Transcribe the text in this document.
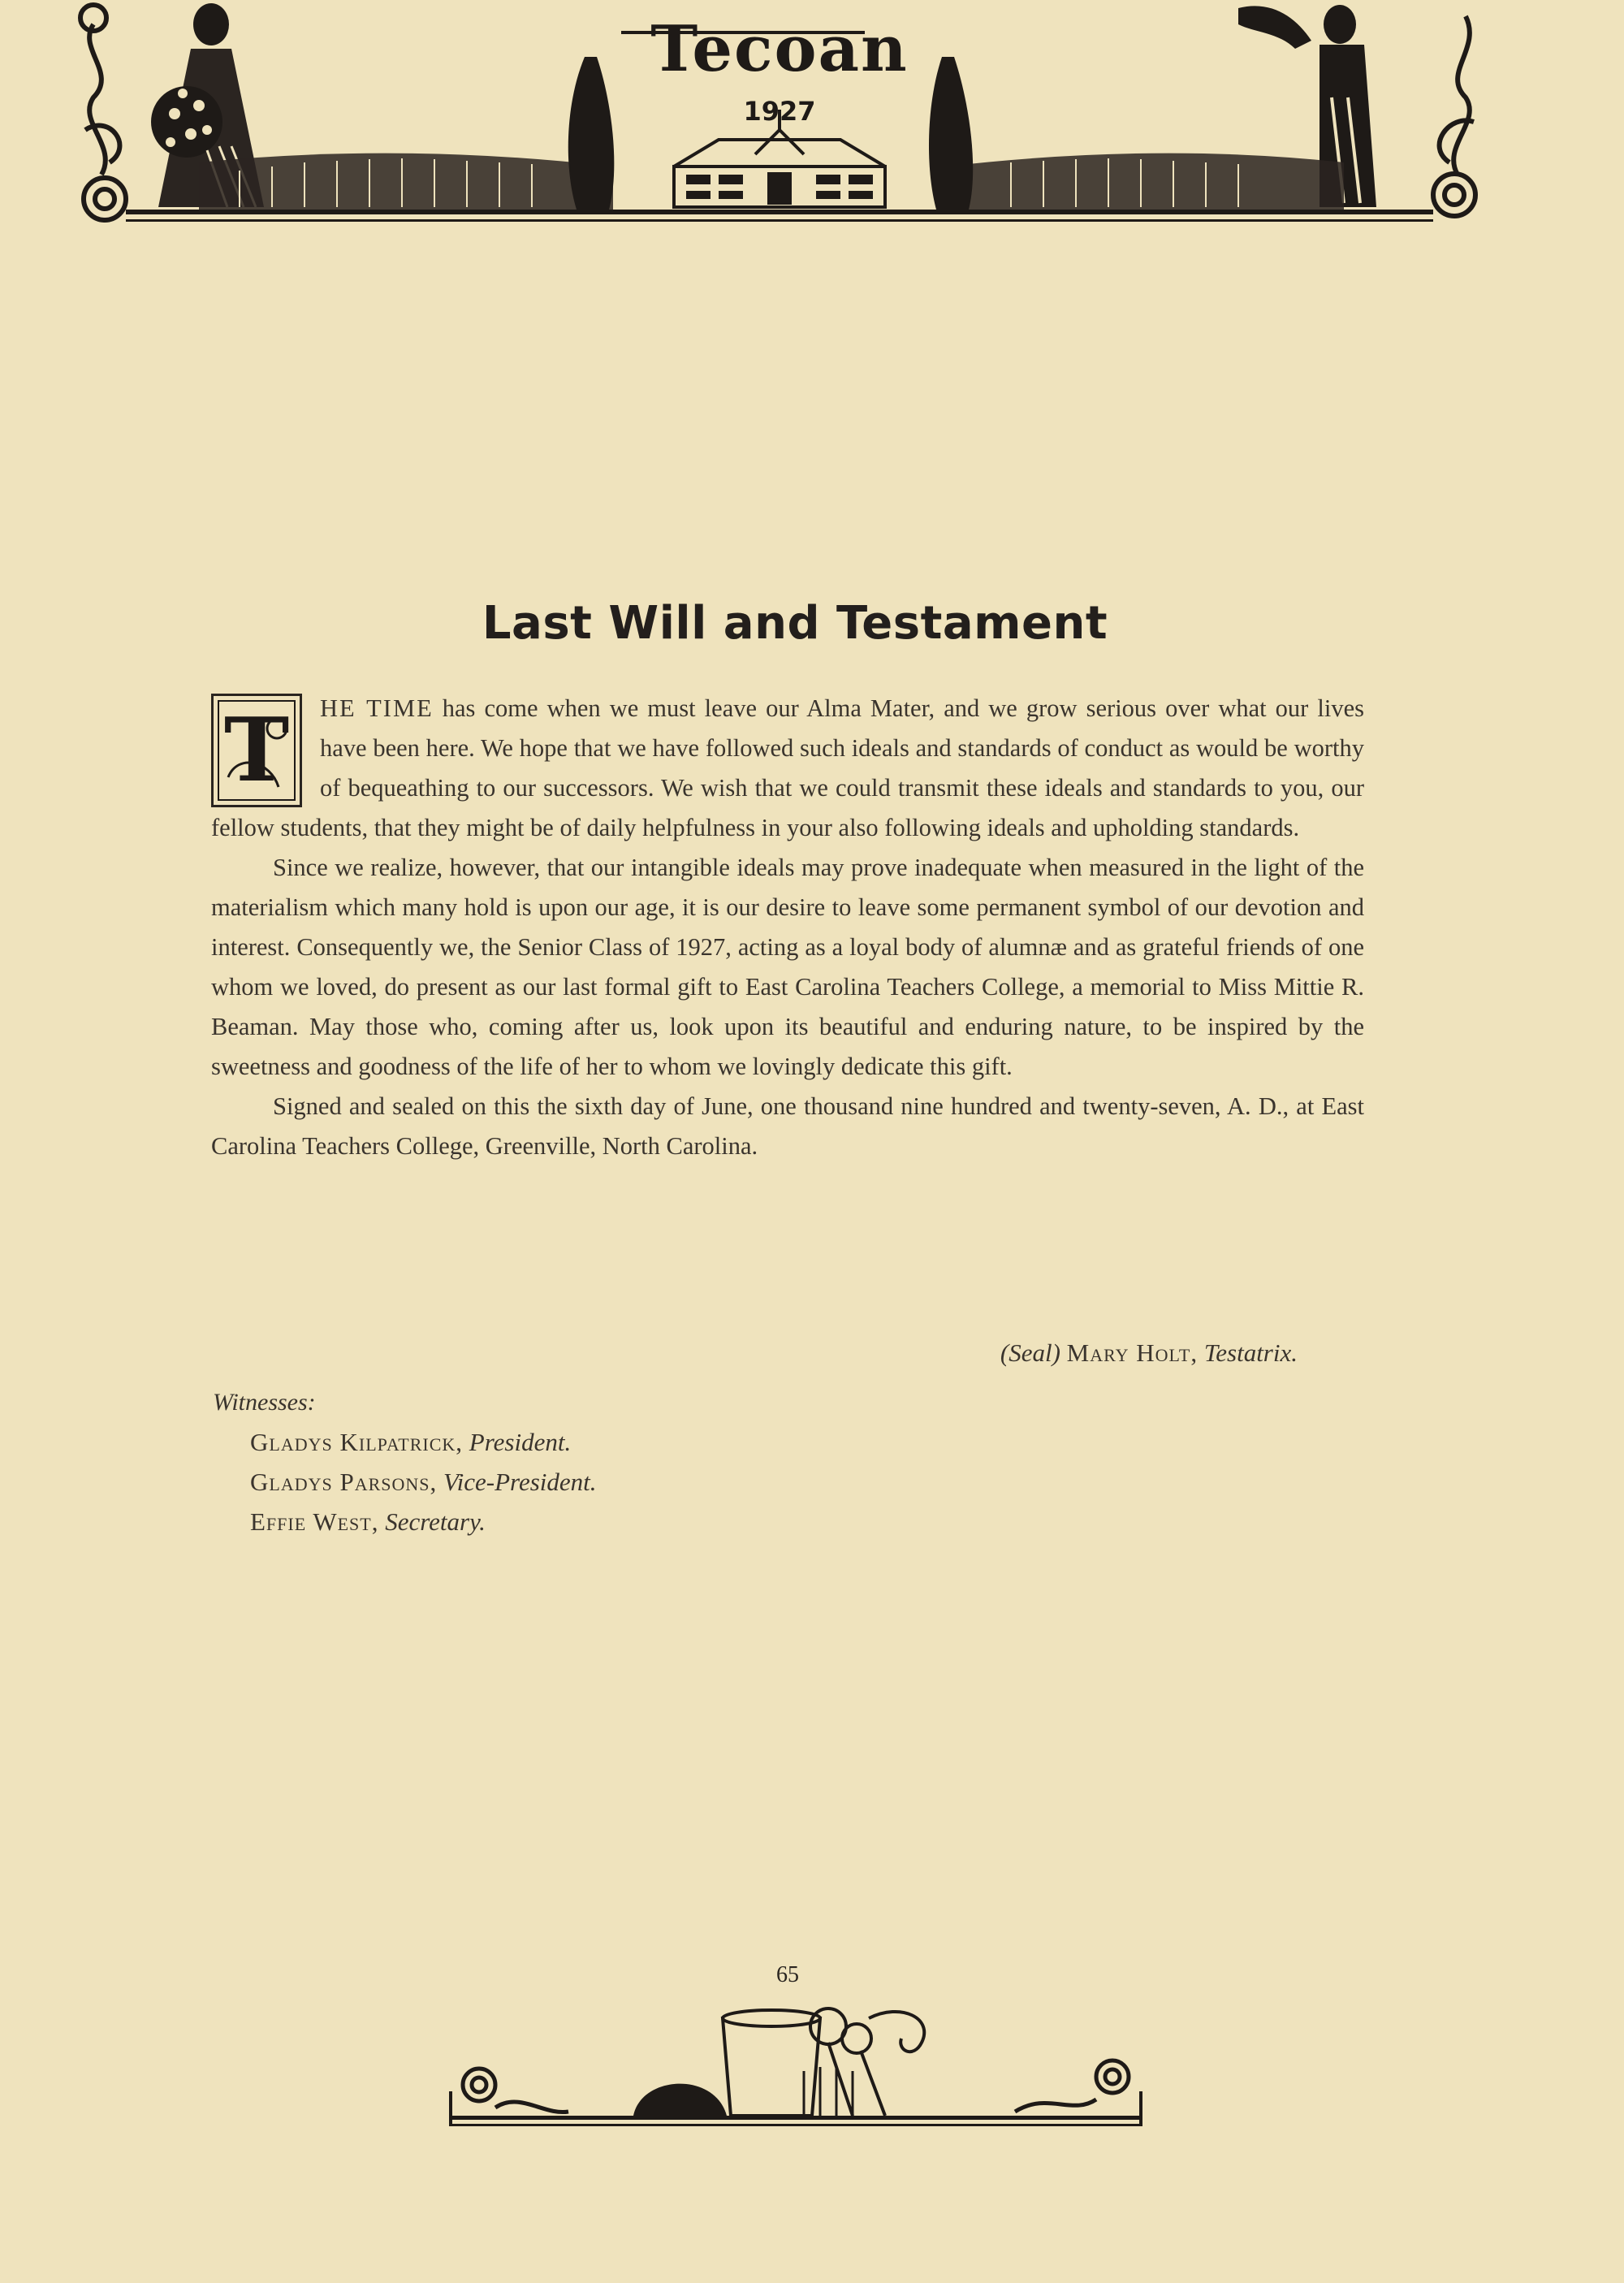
Tecoan
1927
Last Will and Testament

T	HE TIME has come when we must leave our Alma Mater, and we grow serious over what our lives have been here. We hope that we have followed such ideals and standards of conduct as would be worthy of bequeathing to our successors. We wish that we could transmit these ideals and standards to you, our fellow students, that they might be of daily helpfulness in your also following ideals and upholding standards.

Since we realize, however, that our intangible ideals may prove inadequate when measured in the light of the materialism which many hold is upon our age, it is our desire to leave some permanent symbol of our devotion and interest. Consequently we, the Senior Class of 1927, acting as a loyal body of alumnæ and as grateful friends of one whom we loved, do present as our last formal gift to East Carolina Teachers College, a memorial to Miss Mittie R. Beaman. May those who, coming after us, look upon its beautiful and enduring nature, to be inspired by the sweetness and goodness of the life of her to whom we lovingly dedicate this gift.

Signed and sealed on this the sixth day of June, one thousand nine hundred and twenty-seven, A. D., at East Carolina Teachers College, Greenville, North Carolina.

(Seal) Mary Holt, Testatrix.
Witnesses:
Gladys Kilpatrick, President.
Gladys Parsons, Vice-President.
Effie West, Secretary.
65
